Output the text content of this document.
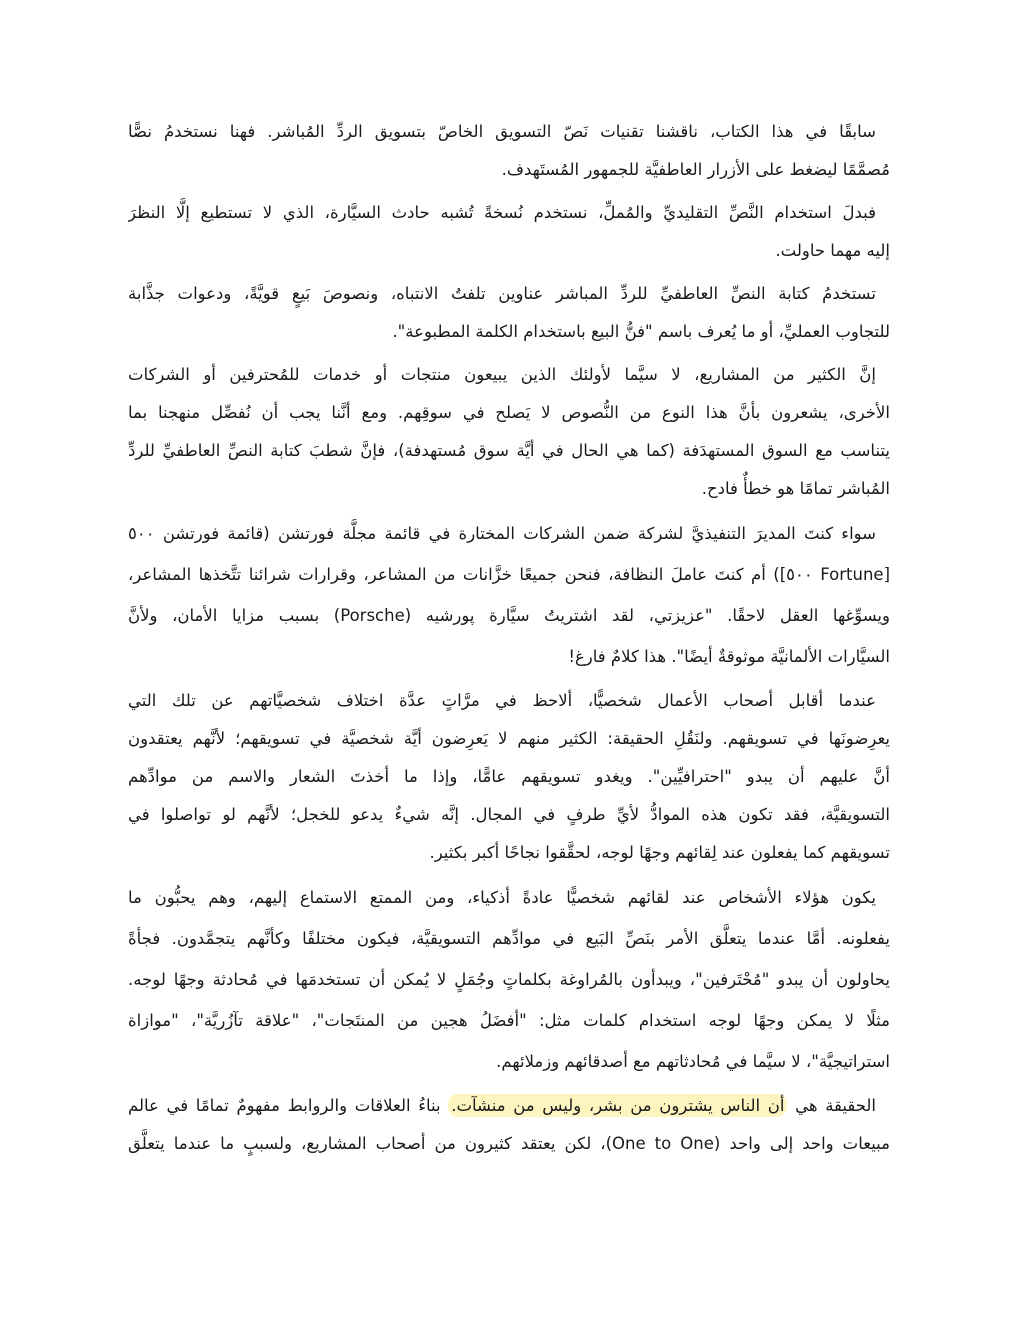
سابقًا في هذا الكتاب، ناقشنا تقنيات نَصّ التسويق الخاصّ بتسويق الردِّ المُباشر. فهنا نستخدمُ نصًّا
مُصمَّمًا ليضغط على الأزرار العاطفيَّة للجمهور المُستَهدف.
فبدلَ استخدام النَّصِّ التقليديِّ والمُملِّ، نستخدم نُسخةً تُشبه حادث السيَّارة، الذي لا تستطيع إلَّا النظرَ
إليه مهما حاولت.
تستخدمُ كتابة النصِّ العاطفيِّ للردِّ المباشر عناوين تلفتُ الانتباه، ونصوصَ بَيعٍ قويَّةً، ودعوات جذَّابة
للتجاوب العمليِّ، أو ما يُعرف باسم "فنُّ البيع باستخدام الكلمة المطبوعة".
إنَّ الكثير من المشاريع، لا سيَّما لأولئك الذين يبيعون منتجات أو خدمات للمُحترفين أو الشركات
الأخرى، يشعرون بأنَّ هذا النوع من النُّصوص لا يَصلح في سوقِهم. ومع أنَّنا يجب أن نُفصِّل منهجنا بما
يتناسب مع السوق المستهدَفة (كما هي الحال في أيَّة سوق مُستهدفة)، فإنَّ شطبَ كتابة النصِّ العاطفيِّ للردِّ
المُباشر تمامًا هو خطأٌ فادح.
سواء كنتَ المديرَ التنفيذيَّ لشركة ضمن الشركات المختارة في قائمة مجلَّة فورتشن (قائمة فورتشن ٥٠٠
[Fortune ٥٠٠]) أم كنتَ عاملَ النظافة، فنحن جميعًا خزَّانات من المشاعر، وقرارات شرائنا تتَّخذها المشاعر،
ويسوِّغها العقل لاحقًا. "عزيزتي، لقد اشتريتُ سيَّارة پورشيه (Porsche) بسبب مزايا الأمان، ولأنَّ
السيَّارات الألمانيَّة موثوقةٌ أيضًا". هذا كلامٌ فارغ!
عندما أقابل أصحاب الأعمال شخصيًّا، ألاحظ في مرَّاتٍ عدَّة اختلاف شخصيَّاتهم عن تلك التي
يعرِضونَها في تسويقهم. ولنَقُلِ الحقيقة: الكثير منهم لا يَعرِضون أيَّة شخصيَّة في تسويقهم؛ لأنَّهم يعتقدون
أنَّ عليهم أن يبدو "احترافيِّين". ويغدو تسويقهم عامًّا، وإذا ما أخذتَ الشعار والاسم من موادِّهم
التسويقيَّة، فقد تكون هذه الموادُّ لأيِّ طرفٍ في المجال. إنَّه شيءٌ يدعو للخجل؛ لأنَّهم لو تواصلوا في
تسويقهم كما يفعلون عند لِقائهم وجهًا لوجه، لحقَّقوا نجاحًا أكبر بكثير.
يكون هؤلاء الأشخاص عند لقائهم شخصيًّا عادةً أذكياء، ومن الممتع الاستماع إليهم، وهم يحبُّون ما
يفعلونه. أمَّا عندما يتعلَّق الأمر بنَصِّ البَيع في موادِّهم التسويقيَّة، فيكون مختلفًا وكأنَّهم يتجمَّدون. فجأةً
يحاولون أن يبدو "مُحْتَرفين"، ويبدأون بالمُراوغة بكلماتٍ وجُمَلٍ لا يُمكن أن تستخدمَها في مُحادثة وجهًا لوجه.
مثلًا لا يمكن وجهًا لوجه استخدام كلمات مثل: "أفضَلُ هجين من المنتَجات"، "علاقة تآزُريَّة"، "موازاة
استراتيجيَّة"، لا سيَّما في مُحادثاتهم مع أصدقائهم وزملائهم.
الحقيقة هي أن الناس يشترون من بشر، وليس من منشآت. بناءُ العلاقات والروابط مفهومٌ تمامًا في عالم
مبيعات واحد إلى واحد (One to One)، لكن يعتقد كثيرون من أصحاب المشاريع، ولسببٍ ما عندما يتعلَّق
